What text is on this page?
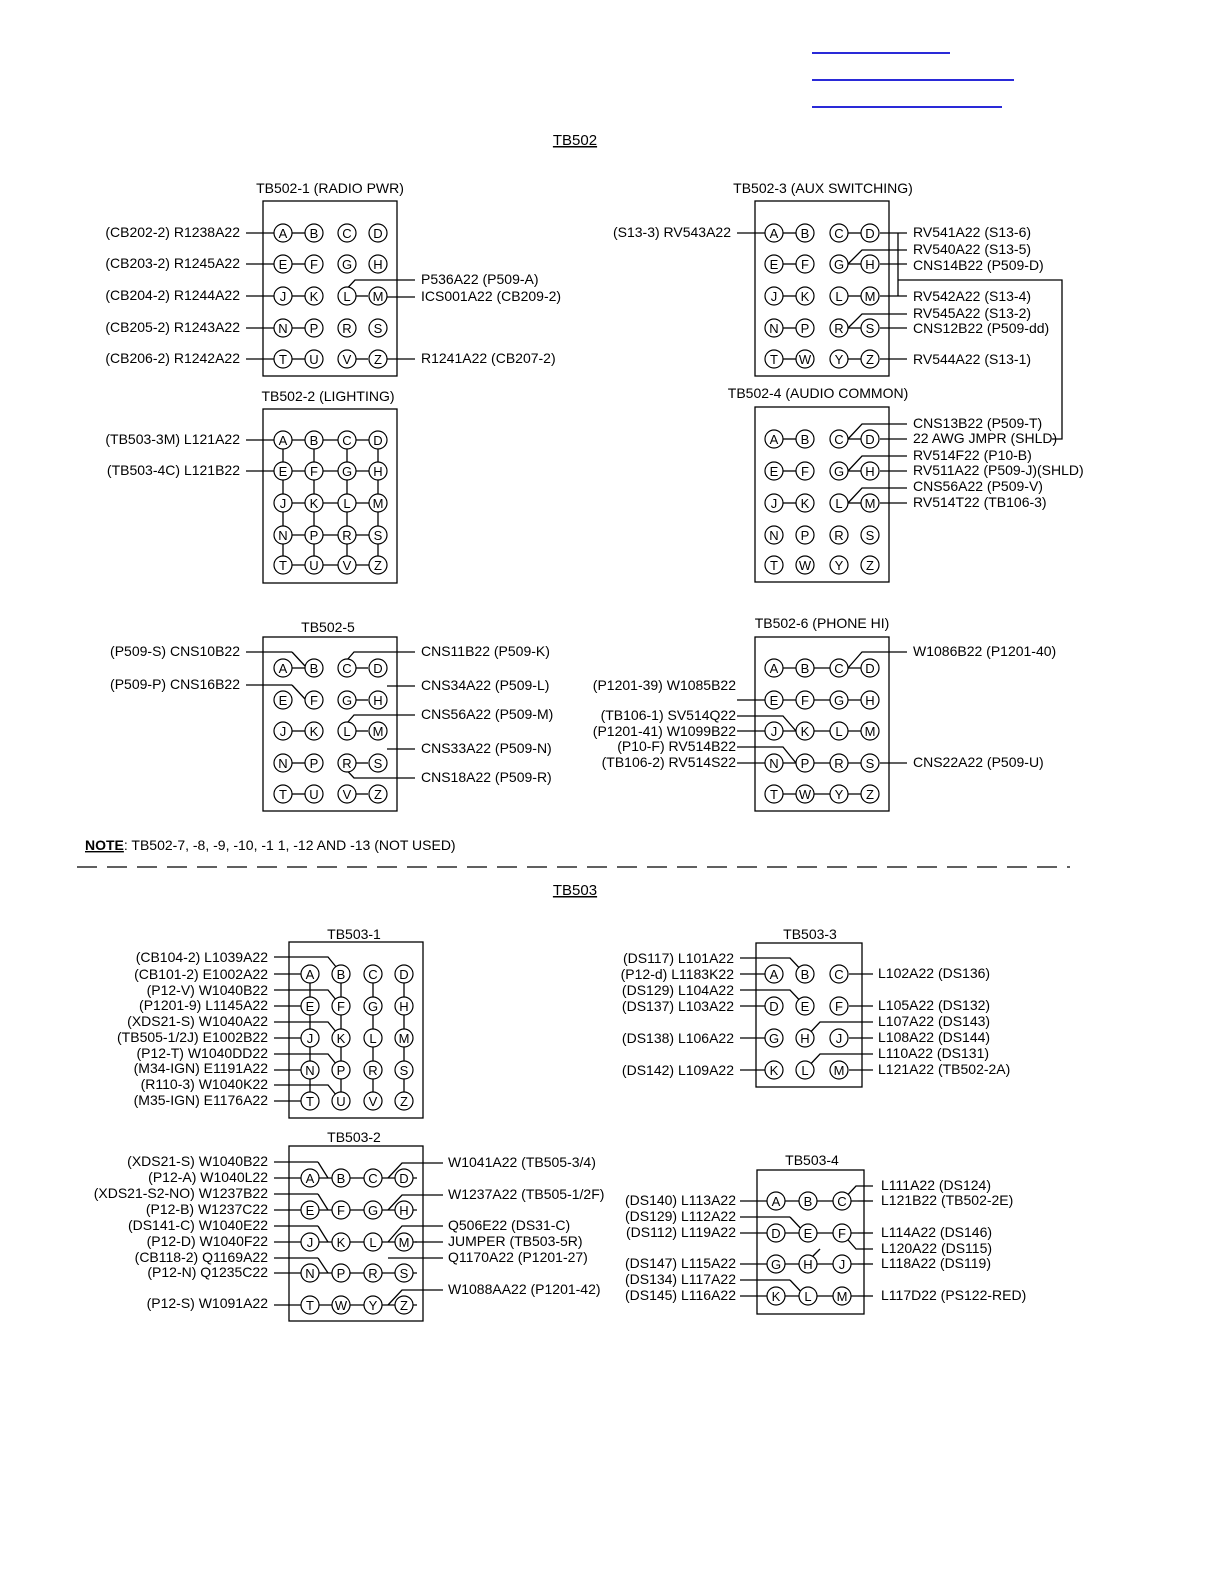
TB502
TB503
NOTE: TB502-7, -8, -9, -10, -1 1, -12 AND -13 (NOT USED)
TB502-1 (RADIO PWR)
A B C D
E F G H
J K L M
N P R S
T U V Z
(CB202-2) R1238A22
(CB203-2) R1245A22
(CB204-2) R1244A22
(CB205-2) R1243A22
(CB206-2) R1242A22
P536A22 (P509-A)
ICS001A22 (CB209-2)
R1241A22 (CB207-2)
TB502-2 (LIGHTING)
A B C D
E F G H
J K L M
N P R S
T U V Z
(TB503-3M) L121A22
(TB503-4C) L121B22
TB502-3 (AUX SWITCHING)
A B C D
E F G H
J K L M
N P R S
T W Y Z
(S13-3) RV543A22	RV541A22 (S13-6)
RV540A22 (S13-5)
CNS14B22 (P509-D)
RV542A22 (S13-4)
RV545A22 (S13-2)
CNS12B22 (P509-dd)
RV544A22 (S13-1)
TB502-4 (AUDIO COMMON)
A B C D
E F G H
J K L M
N P R S
T W Y Z
CNS13B22 (P509-T)
22 AWG JMPR (SHLD)
RV514F22 (P10-B)
RV511A22 (P509-J)(SHLD)
CNS56A22 (P509-V)
RV514T22 (TB106-3)
TB502-5
A B C D
E F G H
J K L M
N P R S
T U V Z
(P509-S) CNS10B22
(P509-P) CNS16B22
CNS11B22 (P509-K)
CNS34A22 (P509-L)
CNS56A22 (P509-M)
CNS33A22 (P509-N)
CNS18A22 (P509-R)
TB502-6 (PHONE HI)
A B C D
E F G H
J K L M
N P R S
T W Y Z
(P1201-39) W1085B22
(TB106-1) SV514Q22
(P1201-41) W1099B22
(P10-F) RV514B22
(TB106-2) RV514S22
W1086B22 (P1201-40)
CNS22A22 (P509-U)
TB503-1
A B C D
E F G H
J K L M
N P R S
T U V Z
(CB104-2) L1039A22
(CB101-2) E1002A22
(P12-V) W1040B22
(P1201-9) L1145A22
(XDS21-S) W1040A22
(TB505-1/2J) E1002B22
(P12-T) W1040DD22
(M34-IGN) E1191A22
(R110-3) W1040K22
(M35-IGN) E1176A22
TB503-2
A B C D
E F G H
J K L M
N P R S
T W Y Z
(XDS21-S) W1040B22
(P12-A) W1040L22
(XDS21-S2-NO) W1237B22
(P12-B) W1237C22
(DS141-C) W1040E22
(P12-D) W1040F22
(CB118-2) Q1169A22
(P12-N) Q1235C22
(P12-S) W1091A22
W1041A22 (TB505-3/4)
W1237A22 (TB505-1/2F)
Q506E22 (DS31-C)
JUMPER (TB503-5R)
Q1170A22 (P1201-27)
W1088AA22 (P1201-42)
TB503-3
A B C
D E F
G H J
K L M
(DS117) L101A22
(P12-d) L1183K22
(DS129) L104A22
(DS137) L103A22
(DS138) L106A22
(DS142) L109A22
L102A22 (DS136)
L105A22 (DS132)
L107A22 (DS143)
L108A22 (DS144)
L110A22 (DS131)
L121A22 (TB502-2A)
TB503-4
A B C
D E F
G H J
K L M
(DS140) L113A22
(DS129) L112A22
(DS112) L119A22
(DS147) L115A22
(DS134) L117A22
(DS145) L116A22
L111A22 (DS124)
L121B22 (TB502-2E)
L114A22 (DS146)
L120A22 (DS115)
L118A22 (DS119)
L117D22 (PS122-RED)
